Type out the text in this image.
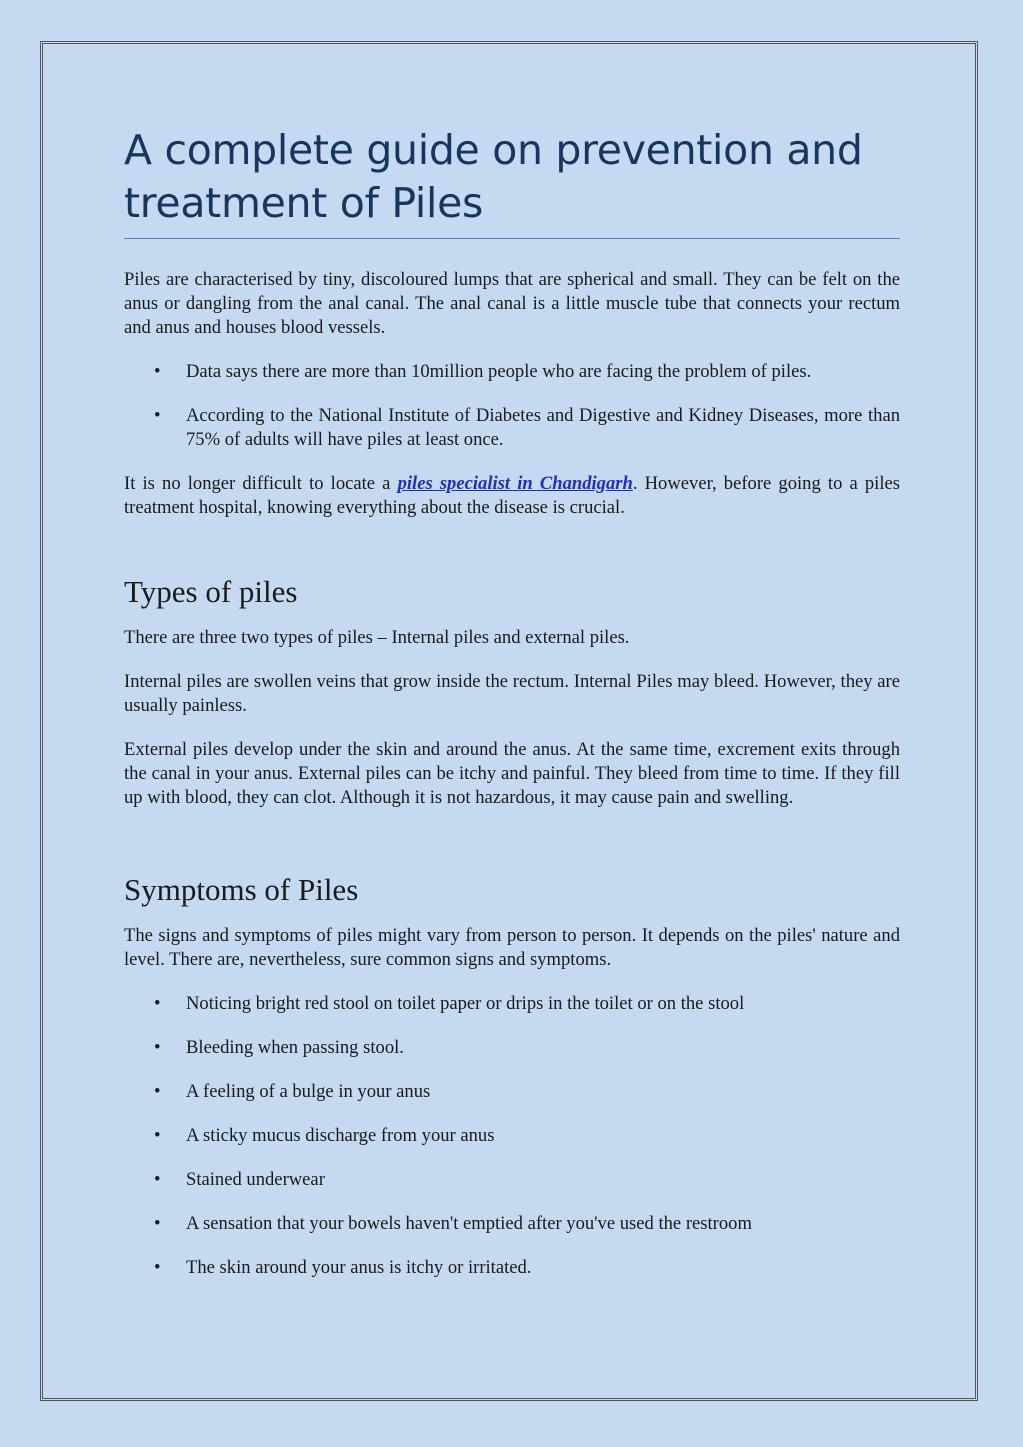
A complete guide on prevention and treatment of Piles

Piles are characterised by tiny, discoloured lumps that are spherical and small. They can be felt on the anus or dangling from the anal canal. The anal canal is a little muscle tube that connects your rectum and anus and houses blood vessels.

• Data says there are more than 10million people who are facing the problem of piles.
• According to the National Institute of Diabetes and Digestive and Kidney Diseases, more than 75% of adults will have piles at least once.

It is no longer difficult to locate a piles specialist in Chandigarh. However, before going to a piles treatment hospital, knowing everything about the disease is crucial.

Types of piles

There are three two types of piles – Internal piles and external piles.

Internal piles are swollen veins that grow inside the rectum. Internal Piles may bleed. However, they are usually painless.

External piles develop under the skin and around the anus. At the same time, excrement exits through the canal in your anus. External piles can be itchy and painful. They bleed from time to time. If they fill up with blood, they can clot. Although it is not hazardous, it may cause pain and swelling.

Symptoms of Piles

The signs and symptoms of piles might vary from person to person. It depends on the piles' nature and level. There are, nevertheless, sure common signs and symptoms.

• Noticing bright red stool on toilet paper or drips in the toilet or on the stool
• Bleeding when passing stool.
• A feeling of a bulge in your anus
• A sticky mucus discharge from your anus
• Stained underwear
• A sensation that your bowels haven't emptied after you've used the restroom
• The skin around your anus is itchy or irritated.
